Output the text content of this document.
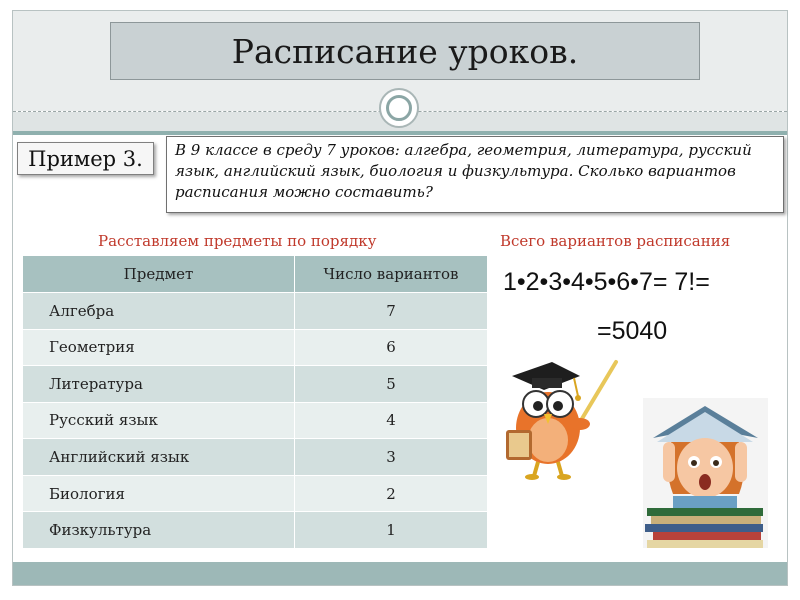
Расписание уроков.
Пример 3. В 9 классе в среду 7 уроков: алгебра, геометрия, литература, русский язык, английский язык, биология и физкультура. Сколько вариантов расписания можно составить?
Расставляем предметы по порядку	Всего вариантов расписания
Предмет	Число вариантов
Алгебра	7
Геометрия	6
Литература	5
Русский язык	4
Английский язык	3
Биология	2
Физкультура	1
1•2•3•4•5•6•7= 7!=
=5040
